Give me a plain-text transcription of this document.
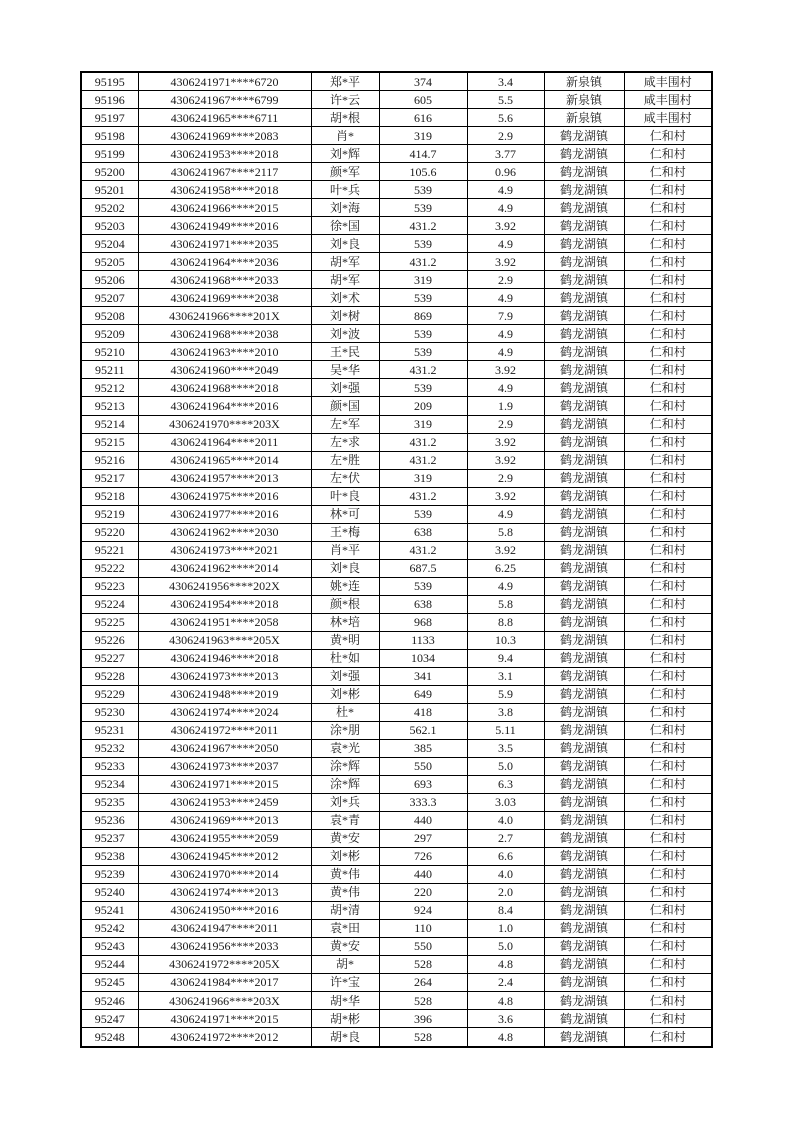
95195	4306241971****6720	郑*平	374	3.4	新泉镇	咸丰围村
95196	4306241967****6799	许*云	605	5.5	新泉镇	咸丰围村
95197	4306241965****6711	胡*根	616	5.6	新泉镇	咸丰围村
95198	4306241969****2083	肖*	319	2.9	鹤龙湖镇	仁和村
95199	4306241953****2018	刘*辉	414.7	3.77	鹤龙湖镇	仁和村
95200	4306241967****2117	颜*军	105.6	0.96	鹤龙湖镇	仁和村
95201	4306241958****2018	叶*兵	539	4.9	鹤龙湖镇	仁和村
95202	4306241966****2015	刘*海	539	4.9	鹤龙湖镇	仁和村
95203	4306241949****2016	徐*国	431.2	3.92	鹤龙湖镇	仁和村
95204	4306241971****2035	刘*良	539	4.9	鹤龙湖镇	仁和村
95205	4306241964****2036	胡*军	431.2	3.92	鹤龙湖镇	仁和村
95206	4306241968****2033	胡*军	319	2.9	鹤龙湖镇	仁和村
95207	4306241969****2038	刘*术	539	4.9	鹤龙湖镇	仁和村
95208	4306241966****201X	刘*树	869	7.9	鹤龙湖镇	仁和村
95209	4306241968****2038	刘*波	539	4.9	鹤龙湖镇	仁和村
95210	4306241963****2010	王*民	539	4.9	鹤龙湖镇	仁和村
95211	4306241960****2049	吴*华	431.2	3.92	鹤龙湖镇	仁和村
95212	4306241968****2018	刘*强	539	4.9	鹤龙湖镇	仁和村
95213	4306241964****2016	颜*国	209	1.9	鹤龙湖镇	仁和村
95214	4306241970****203X	左*军	319	2.9	鹤龙湖镇	仁和村
95215	4306241964****2011	左*求	431.2	3.92	鹤龙湖镇	仁和村
95216	4306241965****2014	左*胜	431.2	3.92	鹤龙湖镇	仁和村
95217	4306241957****2013	左*伏	319	2.9	鹤龙湖镇	仁和村
95218	4306241975****2016	叶*良	431.2	3.92	鹤龙湖镇	仁和村
95219	4306241977****2016	林*可	539	4.9	鹤龙湖镇	仁和村
95220	4306241962****2030	王*梅	638	5.8	鹤龙湖镇	仁和村
95221	4306241973****2021	肖*平	431.2	3.92	鹤龙湖镇	仁和村
95222	4306241962****2014	刘*良	687.5	6.25	鹤龙湖镇	仁和村
95223	4306241956****202X	姚*连	539	4.9	鹤龙湖镇	仁和村
95224	4306241954****2018	颜*根	638	5.8	鹤龙湖镇	仁和村
95225	4306241951****2058	林*培	968	8.8	鹤龙湖镇	仁和村
95226	4306241963****205X	黄*明	1133	10.3	鹤龙湖镇	仁和村
95227	4306241946****2018	杜*如	1034	9.4	鹤龙湖镇	仁和村
95228	4306241973****2013	刘*强	341	3.1	鹤龙湖镇	仁和村
95229	4306241948****2019	刘*彬	649	5.9	鹤龙湖镇	仁和村
95230	4306241974****2024	杜*	418	3.8	鹤龙湖镇	仁和村
95231	4306241972****2011	涂*朋	562.1	5.11	鹤龙湖镇	仁和村
95232	4306241967****2050	袁*光	385	3.5	鹤龙湖镇	仁和村
95233	4306241973****2037	涂*辉	550	5.0	鹤龙湖镇	仁和村
95234	4306241971****2015	涂*辉	693	6.3	鹤龙湖镇	仁和村
95235	4306241953****2459	刘*兵	333.3	3.03	鹤龙湖镇	仁和村
95236	4306241969****2013	袁*青	440	4.0	鹤龙湖镇	仁和村
95237	4306241955****2059	黄*安	297	2.7	鹤龙湖镇	仁和村
95238	4306241945****2012	刘*彬	726	6.6	鹤龙湖镇	仁和村
95239	4306241970****2014	黄*伟	440	4.0	鹤龙湖镇	仁和村
95240	4306241974****2013	黄*伟	220	2.0	鹤龙湖镇	仁和村
95241	4306241950****2016	胡*清	924	8.4	鹤龙湖镇	仁和村
95242	4306241947****2011	袁*田	110	1.0	鹤龙湖镇	仁和村
95243	4306241956****2033	黄*安	550	5.0	鹤龙湖镇	仁和村
95244	4306241972****205X	胡*	528	4.8	鹤龙湖镇	仁和村
95245	4306241984****2017	许*宝	264	2.4	鹤龙湖镇	仁和村
95246	4306241966****203X	胡*华	528	4.8	鹤龙湖镇	仁和村
95247	4306241971****2015	胡*彬	396	3.6	鹤龙湖镇	仁和村
95248	4306241972****2012	胡*良	528	4.8	鹤龙湖镇	仁和村
